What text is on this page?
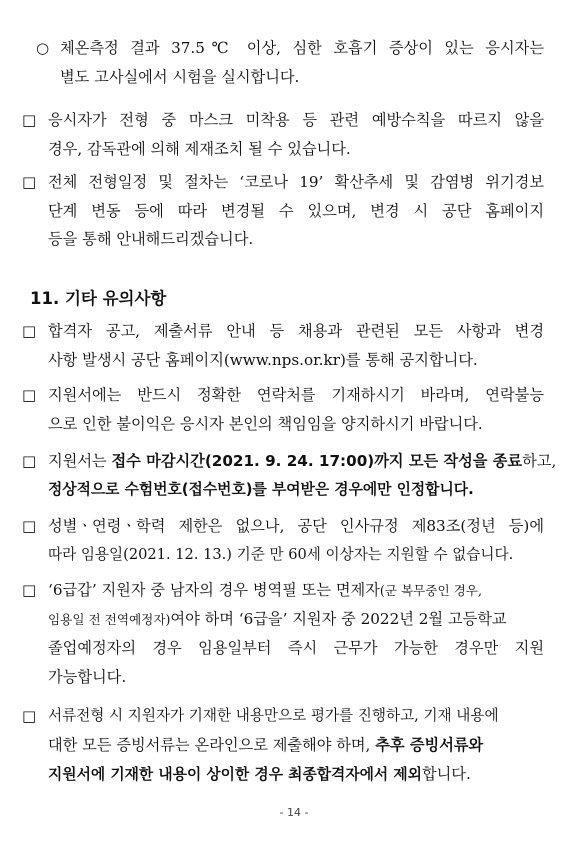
○ 체온측정 결과 37.5℃ 이상, 심한 호흡기 증상이 있는 응시자는
별도 고사실에서 시험을 실시합니다.
□ 응시자가 전형 중 마스크 미착용 등 관련 예방수칙을 따르지 않을
경우, 감독관에 의해 제재조치 될 수 있습니다.
□ 전체 전형일정 및 절차는 ‘코로나 19’ 확산추세 및 감염병 위기경보
단계 변동 등에 따라 변경될 수 있으며, 변경 시 공단 홈페이지
등을 통해 안내해드리겠습니다.
11. 기타 유의사항
□ 합격자 공고, 제출서류 안내 등 채용과 관련된 모든 사항과 변경
사항 발생시 공단 홈페이지(www.nps.or.kr)를 통해 공지합니다.
□ 지원서에는 반드시 정확한 연락처를 기재하시기 바라며, 연락불능
으로 인한 불이익은 응시자 본인의 책임임을 양지하시기 바랍니다.
□ 지원서는 접수 마감시간(2021. 9. 24. 17:00)까지 모든 작성을 종료하고,
정상적으로 수험번호(접수번호)를 부여받은 경우에만 인정합니다.
□ 성별ㆍ연령ㆍ학력 제한은 없으나, 공단 인사규정 제83조(정년 등)에
따라 임용일(2021. 12. 13.) 기준 만 60세 이상자는 지원할 수 없습니다.
□ ‘6급갑’ 지원자 중 남자의 경우 병역필 또는 면제자(군 복무중인 경우,
임용일 전 전역예정자)여야 하며 ‘6급을’ 지원자 중 2022년 2월 고등학교
졸업예정자의 경우 임용일부터 즉시 근무가 가능한 경우만 지원
가능합니다.
□ 서류전형 시 지원자가 기재한 내용만으로 평가를 진행하고, 기재 내용에
대한 모든 증빙서류는 온라인으로 제출해야 하며, 추후 증빙서류와
지원서에 기재한 내용이 상이한 경우 최종합격자에서 제외합니다.
- 14 -
